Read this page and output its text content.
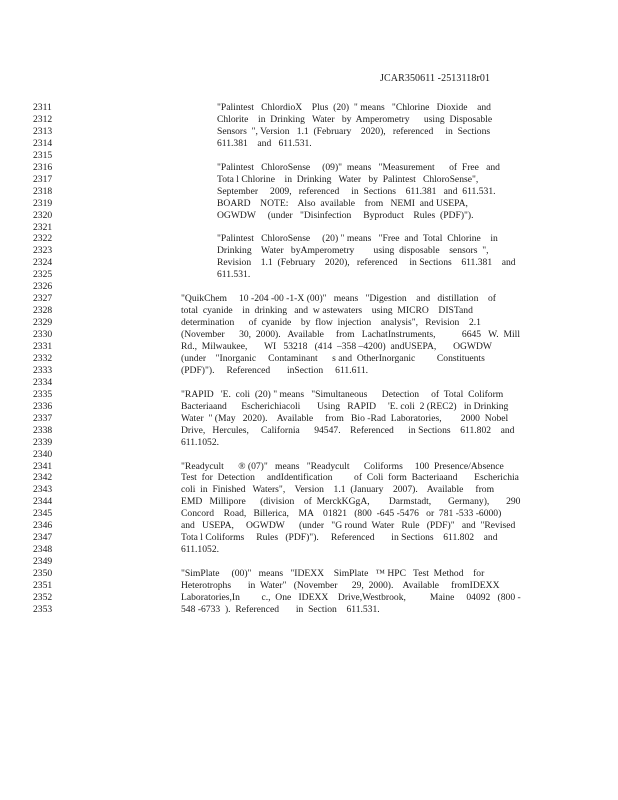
JCAR350611 -2513118r01
2311	"Palintest   ChlordioX    Plus  (20)  " means   "Chlorine   Dioxide    and
2312	Chlorite    in  Drinking   Water   by  Amperometry      using  Disposable
2313	Sensors  ", Version   1.1  (February    2020),   referenced     in  Sections
2314	611.381    and   611.531.
2315
2316	"Palintest   ChloroSense     (09)"  means   "Measurement      of  Free   and
2317	Tota l Chlorine    in  Drinking   Water   by  Palintest   ChloroSense",
2318	September     2009,   referenced     in  Sections    611.381   and  611.531.
2319	BOARD    NOTE:    Also  available    from   NEMI  and USEPA,
2320	OGWDW     (under   "Disinfection     Byproduct    Rules  (PDF)").
2321
2322	"Palintest   ChloroSense     (20) " means   "Free  and  Total  Chlorine    in
2323	Drinking    Water   byAmperometry        using  disposable    sensors  ",
2324	Revision    1.1  (February    2020),   referenced     in Sections    611.381    and
2325	611.531.
2326
2327	"QuikChem     10 -204 -00 -1-X (00)"   means   "Digestion    and   distillation    of
2328	total  cyanide    in  drinking   and  w astewaters    using  MICRO    DISTand
2329	determination      of  cyanide    by  flow  injection    analysis",   Revision    2.1
2330	(November      30,  2000).   Available     from   LachatInstruments,           6645   W.  Mill
2331	Rd.,  Milwaukee,       WI   53218   (414  –358 –4200)  andUSEPA,       OGWDW
2332	(under    "Inorganic     Contaminant      s and  OtherInorganic         Constituents
2333	(PDF)").     Referenced       inSection     611.611.
2334
2335	"RAPID   'E.  coli  (20) " means   "Simultaneous      Detection     of  Total  Coliform
2336	Bacteriaand      Escherichiacoli       Using   RAPID     'E. coli  2 (REC2)   in Drinking
2337	Water  " (May   2020).    Available     from   Bio -Rad  Laboratories,        2000  Nobel
2338	Drive,   Hercules,     California      94547.    Referenced      in Sections    611.802    and
2339	611.1052.
2340
2341	"Readycult      ® (07)"   means   "Readycult      Coliforms     100  Presence/Absence
2342	Test  for  Detection     andIdentification         of  Coli  form  Bacteriaand       Escherichia
2343	coli  in  Finished   Waters",    Version    1.1  (January    2007).    Available     from
2344	EMD   Millipore      (division    of  MerckKGgA,        Darmstadt,       Germany),       290
2345	Concord    Road,   Billerica,    MA    01821   (800  -645 -5476   or  781 -533 -6000)
2346	and   USEPA,     OGWDW      (under   "G round  Water   Rule   (PDF)"   and  "Revised
2347	Tota l Coliforms     Rules   (PDF)").     Referenced       in Sections    611.802    and
2348	611.1052.
2349
2350	"SimPlate     (00)"   means   "IDEXX    SimPlate   ™ HPC   Test  Method    for
2351	Heterotrophs       in  Water"   (November      29,  2000).    Available     fromIDEXX
2352	Laboratories,In         c.,  One   IDEXX    Drive,Westbrook,          Maine     04092   (800 -
2353	548 -6733  ).  Referenced       in  Section    611.531.
